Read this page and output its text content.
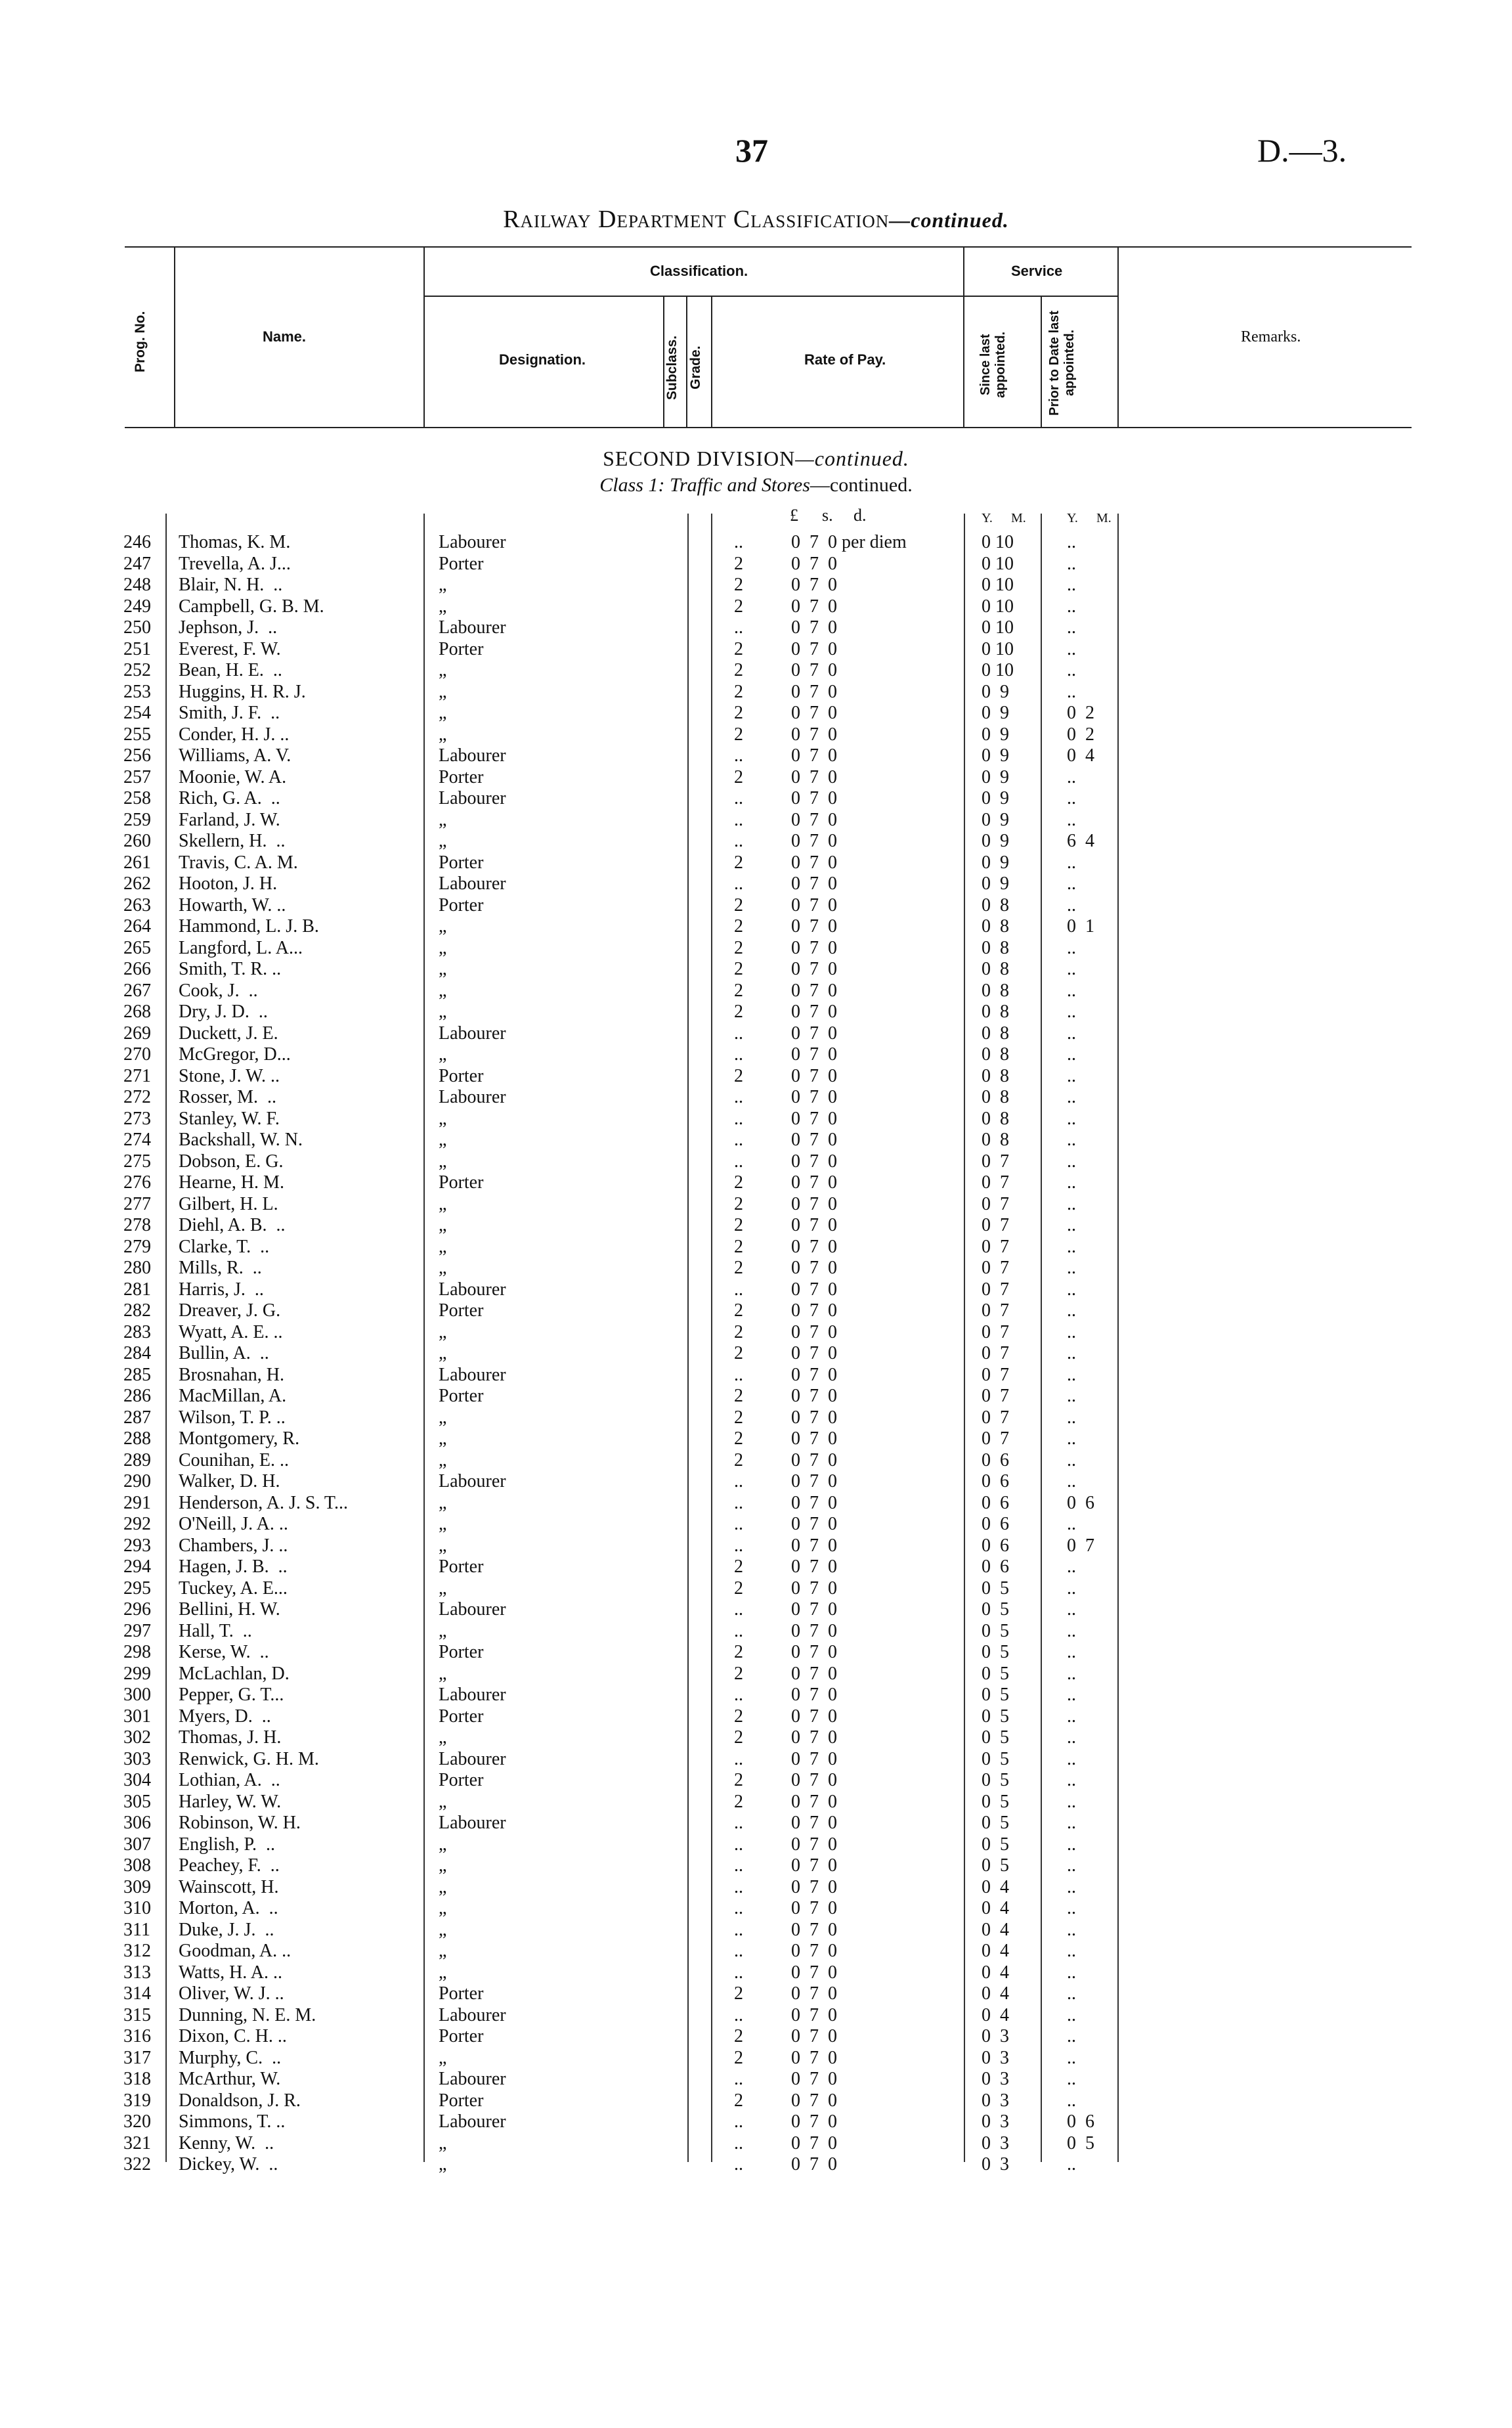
37	D.—3.
Railway Department Classification—continued.
Prog. No.	Name.
Classification.
Designation.	Subclass. Grade.	Rate of Pay.
Service
Since last appointed.	Prior to Date last appointed.	Remarks.
SECOND DIVISION—continued.
Class 1: Traffic and Stores—continued.
£ s. d.	Y. M.	Y. M.
246 Thomas, K. M.	Labourer	..	0  7  0 per diem	0 10	..
247 Trevella, A. J...	Porter	2	0  7  0	0 10	..
248 Blair, N. H.  ..	„	2	0  7  0	0 10	..
249 Campbell, G. B. M.	„	2	0  7  0	0 10	..
250 Jephson, J.  ..	Labourer	..	0  7  0	0 10	..
251 Everest, F. W.	Porter	2	0  7  0	0 10	..
252 Bean, H. E.  ..	„	2	0  7  0	0 10	..
253 Huggins, H. R. J.	„	2	0  7  0	0  9	..
254 Smith, J. F.  ..	„	2	0  7  0	0  9	0  2
255 Conder, H. J. ..	„	2	0  7  0	0  9	0  2
256 Williams, A. V.	Labourer	..	0  7  0	0  9	0  4
257 Moonie, W. A.	Porter	2	0  7  0	0  9	..
258 Rich, G. A.  ..	Labourer	..	0  7  0	0  9	..
259 Farland, J. W.	„	..	0  7  0	0  9	..
260 Skellern, H.  ..	„	..	0  7  0	0  9	6  4
261 Travis, C. A. M.	Porter	2	0  7  0	0  9	..
262 Hooton, J. H.	Labourer	..	0  7  0	0  9	..
263 Howarth, W. ..	Porter	2	0  7  0	0  8	..
264 Hammond, L. J. B.	„	2	0  7  0	0  8	0  1
265 Langford, L. A...	„	2	0  7  0	0  8	..
266 Smith, T. R. ..	„	2	0  7  0	0  8	..
267 Cook, J.  ..	„	2	0  7  0	0  8	..
268 Dry, J. D.  ..	„	2	0  7  0	0  8	..
269 Duckett, J. E.	Labourer	..	0  7  0	0  8	..
270 McGregor, D...	„	..	0  7  0	0  8	..
271 Stone, J. W. ..	Porter	2	0  7  0	0  8	..
272 Rosser, M.  ..	Labourer	..	0  7  0	0  8	..
273 Stanley, W. F.	„	..	0  7  0	0  8	..
274 Backshall, W. N.	„	..	0  7  0	0  8	..
275 Dobson, E. G.	„	..	0  7  0	0  7	..
276 Hearne, H. M.	Porter	2	0  7  0	0  7	..
277 Gilbert, H. L.	„	2	0  7  0	0  7	..
278 Diehl, A. B.  ..	„	2	0  7  0	0  7	..
279 Clarke, T.  ..	„	2	0  7  0	0  7	..
280 Mills, R.  ..	„	2	0  7  0	0  7	..
281 Harris, J.  ..	Labourer	..	0  7  0	0  7	..
282 Dreaver, J. G.	Porter	2	0  7  0	0  7	..
283 Wyatt, A. E. ..	„	2	0  7  0	0  7	..
284 Bullin, A.  ..	„	2	0  7  0	0  7	..
285 Brosnahan, H.	Labourer	..	0  7  0	0  7	..
286 MacMillan, A.	Porter	2	0  7  0	0  7	..
287 Wilson, T. P. ..	„	2	0  7  0	0  7	..
288 Montgomery, R.	„	2	0  7  0	0  7	..
289 Counihan, E. ..	„	2	0  7  0	0  6	..
290 Walker, D. H.	Labourer	..	0  7  0	0  6	..
291 Henderson, A. J. S. T...	„	..	0  7  0	0  6	0  6
292 O'Neill, J. A. ..	„	..	0  7  0	0  6	..
293 Chambers, J. ..	„	..	0  7  0	0  6	0  7
294 Hagen, J. B.  ..	Porter	2	0  7  0	0  6	..
295 Tuckey, A. E...	„	2	0  7  0	0  5	..
296 Bellini, H. W.	Labourer	..	0  7  0	0  5	..
297 Hall, T.  ..	„	..	0  7  0	0  5	..
298 Kerse, W.  ..	Porter	2	0  7  0	0  5	..
299 McLachlan, D.	„	2	0  7  0	0  5	..
300 Pepper, G. T...	Labourer	..	0  7  0	0  5	..
301 Myers, D.  ..	Porter	2	0  7  0	0  5	..
302 Thomas, J. H.	„	2	0  7  0	0  5	..
303 Renwick, G. H. M.	Labourer	..	0  7  0	0  5	..
304 Lothian, A.  ..	Porter	2	0  7  0	0  5	..
305 Harley, W. W.	„	2	0  7  0	0  5	..
306 Robinson, W. H.	Labourer	..	0  7  0	0  5	..
307 English, P.  ..	„	..	0  7  0	0  5	..
308 Peachey, F.  ..	„	..	0  7  0	0  5	..
309 Wainscott, H.	„	..	0  7  0	0  4	..
310 Morton, A.  ..	„	..	0  7  0	0  4	..
311 Duke, J. J.  ..	„	..	0  7  0	0  4	..
312 Goodman, A. ..	„	..	0  7  0	0  4	..
313 Watts, H. A. ..	„	..	0  7  0	0  4	..
314 Oliver, W. J. ..	Porter	2	0  7  0	0  4	..
315 Dunning, N. E. M.	Labourer	..	0  7  0	0  4	..
316 Dixon, C. H. ..	Porter	2	0  7  0	0  3	..
317 Murphy, C.  ..	„	2	0  7  0	0  3	..
318 McArthur, W.	Labourer	..	0  7  0	0  3	..
319 Donaldson, J. R.	Porter	2	0  7  0	0  3	..
320 Simmons, T. ..	Labourer	..	0  7  0	0  3	0  6
321 Kenny, W.  ..	„	..	0  7  0	0  3	0  5
322 Dickey, W.  ..	„	..	0  7  0	0  3	..
